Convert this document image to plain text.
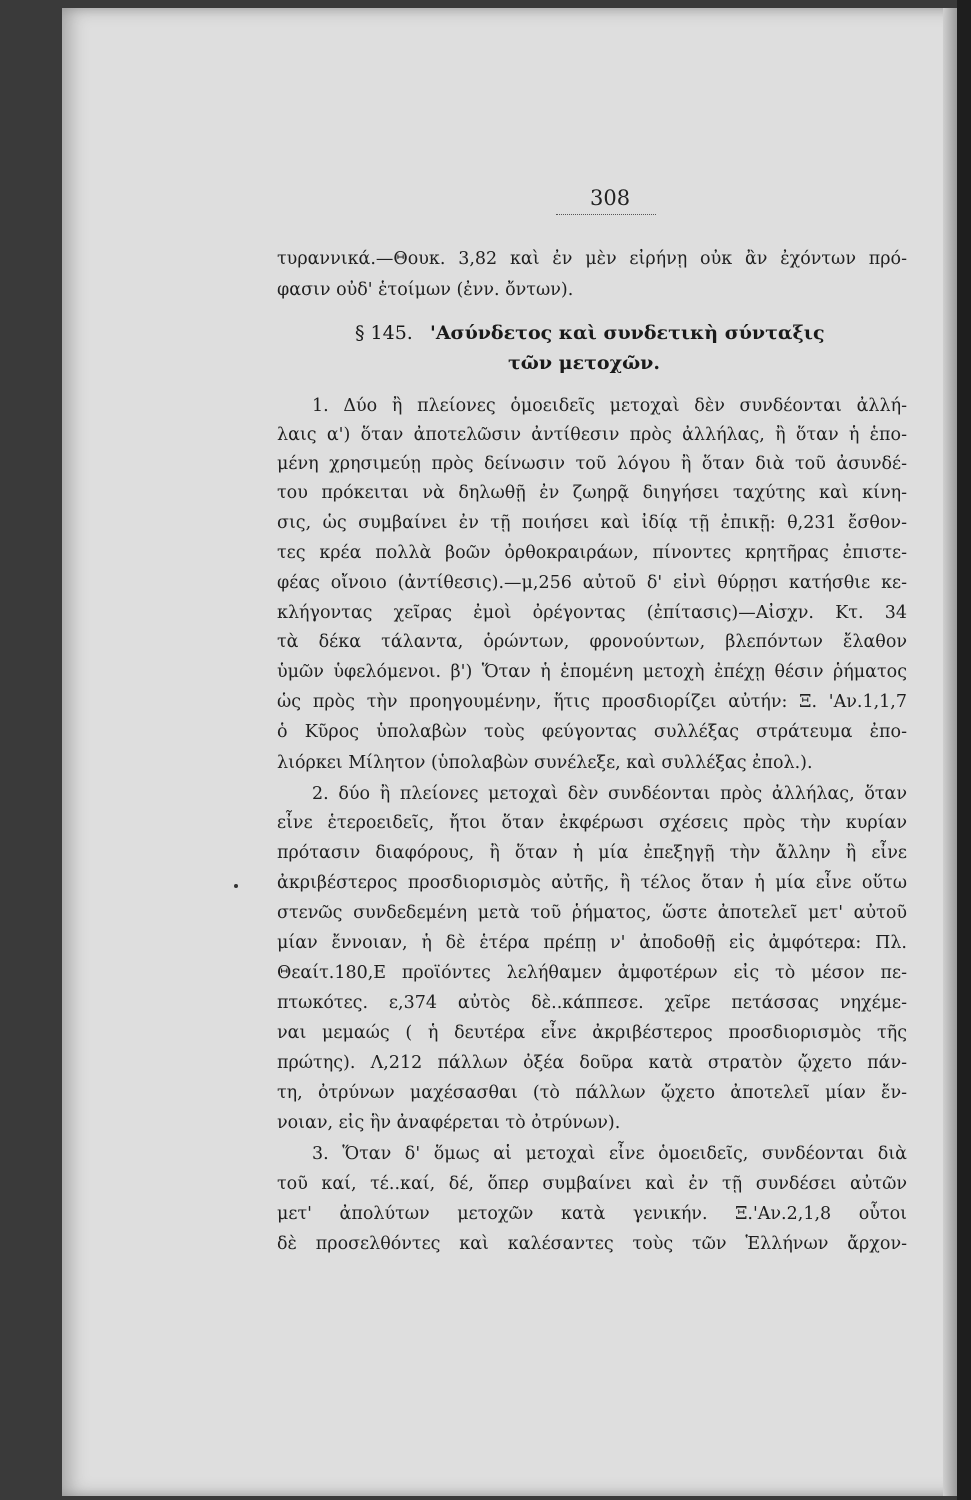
308
τυραννικά.—Θουκ. 3,82 καὶ ἐν μὲν εἰρήνῃ οὐκ ἂν ἐχόντων πρό-
φασιν οὐδ' ἑτοίμων (ἐνν. ὄντων).
§ 145. 'Ασύνδετος καὶ συνδετικὴ σύνταξις
τῶν μετοχῶν.
1. Δύο ἢ πλείονες ὁμοειδεῖς μετοχαὶ δὲν συνδέονται ἀλλή-
λαις α') ὅταν ἀποτελῶσιν ἀντίθεσιν πρὸς ἀλλήλας, ἢ ὅταν ἡ ἑπο-
μένη χρησιμεύῃ πρὸς δείνωσιν τοῦ λόγου ἢ ὅταν διὰ τοῦ ἀσυνδέ-
του πρόκειται νὰ δηλωθῇ ἐν ζωηρᾷ διηγήσει ταχύτης καὶ κίνη-
σις, ὡς συμβαίνει ἐν τῇ ποιήσει καὶ ἰδίᾳ τῇ ἐπικῇ: θ,231 ἔσθον-
τες κρέα πολλὰ βοῶν ὀρθοκραιράων, πίνοντες κρητῆρας ἐπιστε-
φέας οἴνοιο (ἀντίθεσις).—μ,256 αὐτοῦ δ' εἰνὶ θύρῃσι κατήσθιε κε-
κλήγοντας χεῖρας ἐμοὶ ὀρέγοντας (ἐπίτασις)—Αἰσχν. Κτ. 34
τὰ δέκα τάλαντα, ὁρώντων, φρονούντων, βλεπόντων ἔλαθον
ὑμῶν ὑφελόμενοι. β') Ὅταν ἡ ἑπομένη μετοχὴ ἐπέχῃ θέσιν ῥήματος
ὡς πρὸς τὴν προηγουμένην, ἥτις προσδιορίζει αὐτήν: Ξ. 'Αν.1,1,7
ὁ Κῦρος ὑπολαβὼν τοὺς φεύγοντας συλλέξας στράτευμα ἐπο-
λιόρκει Μίλητον (ὑπολαβὼν συνέλεξε, καὶ συλλέξας ἐπολ.).
2. δύο ἢ πλείονες μετοχαὶ δὲν συνδέονται πρὸς ἀλλήλας, ὅταν
εἶνε ἑτεροειδεῖς, ἤτοι ὅταν ἐκφέρωσι σχέσεις πρὸς τὴν κυρίαν
πρότασιν διαφόρους, ἢ ὅταν ἡ μία ἐπεξηγῇ τὴν ἄλλην ἢ εἶνε
ἀκριβέστερος προσδιορισμὸς αὐτῆς, ἢ τέλος ὅταν ἡ μία εἶνε οὕτω
στενῶς συνδεδεμένη μετὰ τοῦ ῥήματος, ὥστε ἀποτελεῖ μετ' αὐτοῦ
μίαν ἔννοιαν, ἡ δὲ ἑτέρα πρέπῃ ν' ἀποδοθῇ εἰς ἀμφότερα: Πλ.
Θεαίτ.180,Ε προϊόντες λελήθαμεν ἀμφοτέρων εἰς τὸ μέσον πε-
πτωκότες. ε,374 αὐτὸς δὲ..κάππεσε. χεῖρε πετάσσας νηχέμε-
ναι μεμαώς ( ἡ δευτέρα εἶνε ἀκριβέστερος προσδιορισμὸς τῆς
πρώτης). Λ,212 πάλλων ὀξέα δοῦρα κατὰ στρατὸν ᾤχετο πάν-
τη, ὀτρύνων μαχέσασθαι (τὸ πάλλων ᾤχετο ἀποτελεῖ μίαν ἔν-
νοιαν, εἰς ἣν ἀναφέρεται τὸ ὀτρύνων).
3. Ὅταν δ' ὅμως αἱ μετοχαὶ εἶνε ὁμοειδεῖς, συνδέονται διὰ
τοῦ καί, τέ..καί, δέ, ὅπερ συμβαίνει καὶ ἐν τῇ συνδέσει αὐτῶν
μετ' ἀπολύτων μετοχῶν κατὰ γενικήν. Ξ.'Αν.2,1,8 οὗτοι
δὲ προσελθόντες καὶ καλέσαντες τοὺς τῶν Ἑλλήνων ἄρχον-
